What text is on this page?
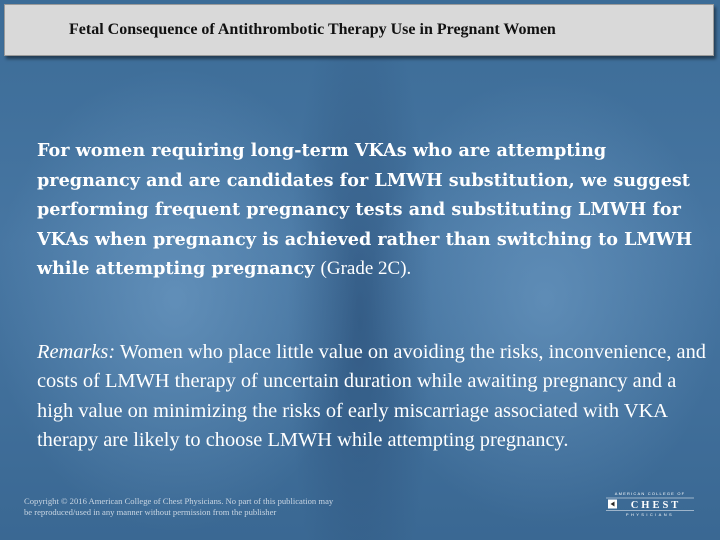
Fetal Consequence of Antithrombotic Therapy Use in Pregnant Women

For women requiring long-term VKAs who are attempting pregnancy and are candidates for LMWH substitution, we suggest performing frequent pregnancy tests and substituting LMWH for VKAs when pregnancy is achieved rather than switching to LMWH while attempting pregnancy (Grade 2C).

Remarks: Women who place little value on avoiding the risks, inconvenience, and costs of LMWH therapy of uncertain duration while awaiting pregnancy and a high value on minimizing the risks of early miscarriage associated with VKA therapy are likely to choose LMWH while attempting pregnancy.

Copyright © 2016 American College of Chest Physicians. No part of this publication may
be reproduced/used in any manner without permission from the publisher

AMERICAN COLLEGE OF
CHEST
PHYSICIANS
